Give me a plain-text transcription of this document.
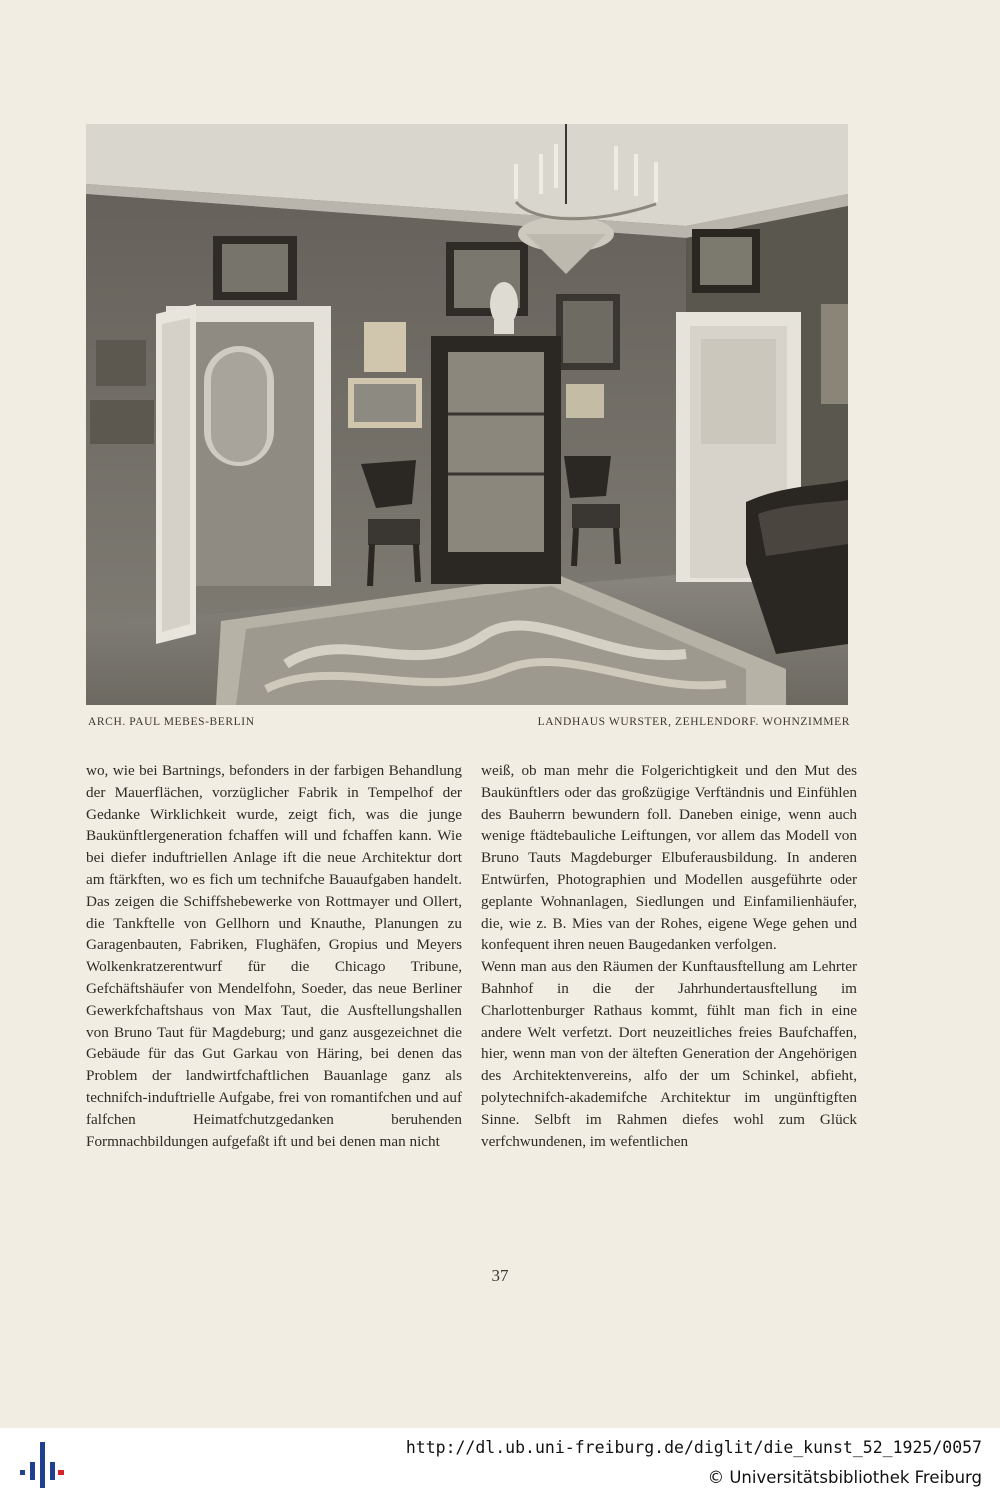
ARCH. PAUL MEBES-BERLIN	LANDHAUS WURSTER, ZEHLENDORF. WOHNZIMMER

wo, wie bei Bartnings, befonders in der farbigen Behandlung der Mauerflächen, vorzüglicher Fabrik in Tempelhof der Gedanke Wirklichkeit wurde, zeigt fich, was die junge Baukünftlergeneration fchaffen will und fchaffen kann. Wie bei diefer induftriellen Anlage ift die neue Architektur dort am ftärkften, wo es fich um technifche Bauaufgaben handelt. Das zeigen die Schiffshebewerke von Rottmayer und Ollert, die Tankftelle von Gellhorn und Knauthe, Planungen zu Garagenbauten, Fabriken, Flughäfen, Gropius und Meyers Wolkenkratzerentwurf für die Chicago Tribune, Gefchäftshäufer von Mendelfohn, Soeder, das neue Berliner Gewerkfchaftshaus von Max Taut, die Ausftellungshallen von Bruno Taut für Magdeburg; und ganz ausgezeichnet die Gebäude für das Gut Garkau von Häring, bei denen das Problem der landwirtfchaftlichen Bauanlage ganz als technifch-induftrielle Aufgabe, frei von romantifchen und auf falfchen Heimatfchutzgedanken beruhenden Formnachbildungen aufgefaßt ift und bei denen man nicht

weiß, ob man mehr die Folgerichtigkeit und den Mut des Baukünftlers oder das großzügige Verftändnis und Einfühlen des Bauherrn bewundern foll. Daneben einige, wenn auch wenige ftädtebauliche Leiftungen, vor allem das Modell von Bruno Tauts Magdeburger Elbuferausbildung. In anderen Entwürfen, Photographien und Modellen ausgeführte oder geplante Wohnanlagen, Siedlungen und Einfamilienhäufer, die, wie z. B. Mies van der Rohes, eigene Wege gehen und konfequent ihren neuen Baugedanken verfolgen.

Wenn man aus den Räumen der Kunftausftellung am Lehrter Bahnhof in die der Jahrhundertausftellung im Charlottenburger Rathaus kommt, fühlt man fich in eine andere Welt verfetzt. Dort neuzeitliches freies Baufchaffen, hier, wenn man von der älteften Generation der Angehörigen des Architektenvereins, alfo der um Schinkel, abfieht, polytechnifch-akademifche Architektur im ungünftigften Sinne. Selbft im Rahmen diefes wohl zum Glück verfchwundenen, im wefentlichen

37
http://dl.ub.uni-freiburg.de/diglit/die_kunst_52_1925/0057
© Universitätsbibliothek Freiburg
